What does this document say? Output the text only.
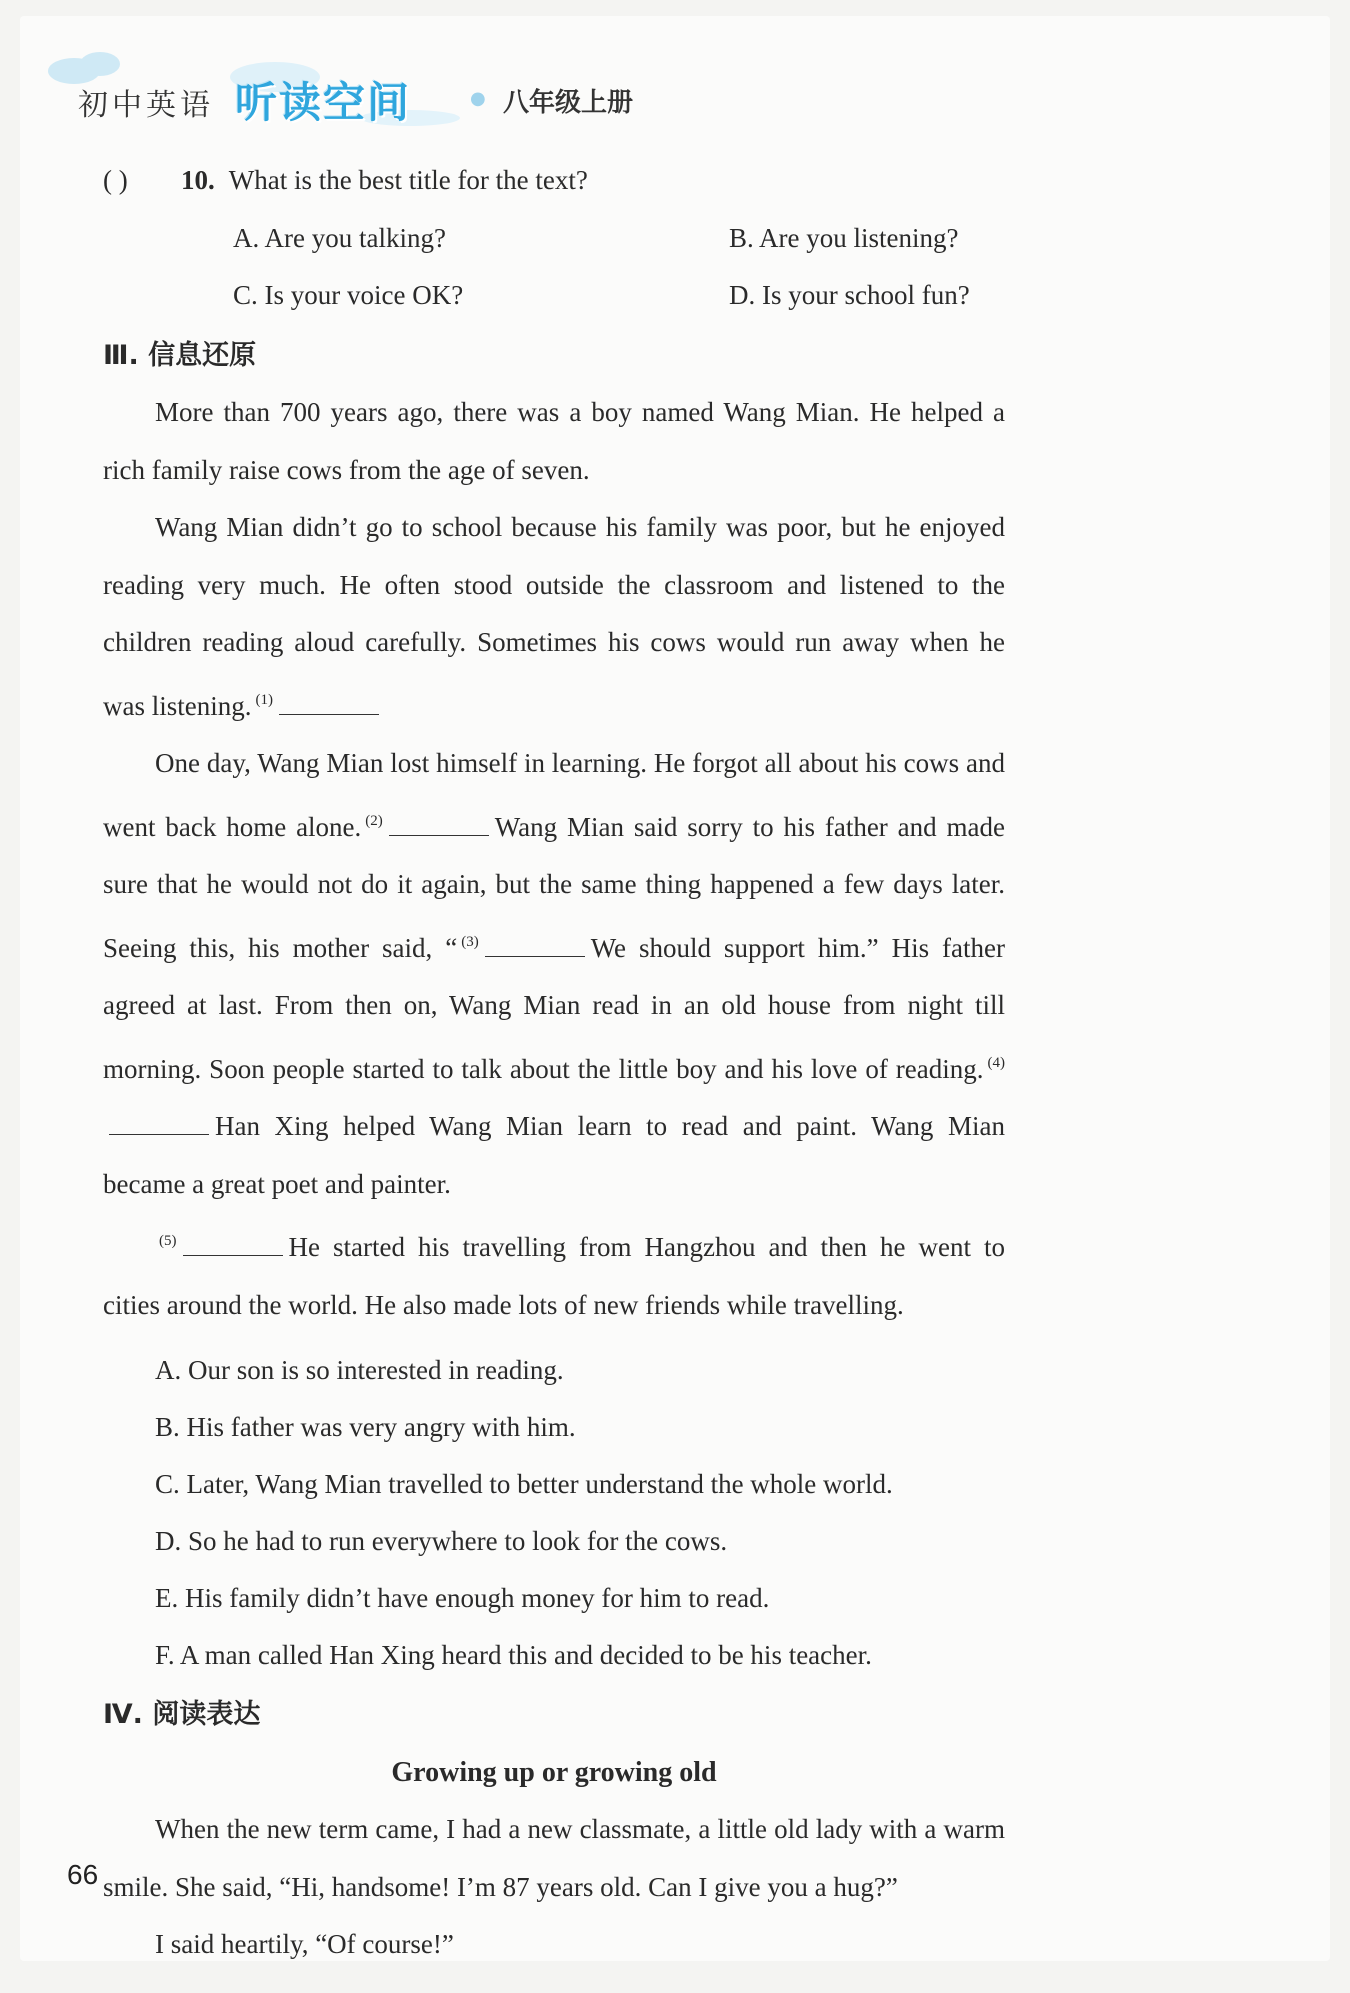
初中英语 听读空间	● 八年级上册
( )	10. What is the best title for the text?
A. Are you talking?	B. Are you listening?
C. Is your voice OK?	D. Is your school fun?
Ⅲ. 信息还原

More than 700 years ago, there was a boy named Wang Mian. He helped a rich family raise cows from the age of seven.

Wang Mian didn’t go to school because his family was poor, but he enjoyed reading very much. He often stood outside the classroom and listened to the children reading aloud carefully. Sometimes his cows would run away when he was listening. $^{(1)}$

One day, Wang Mian lost himself in learning. He forgot all about his cows and went back home alone. $^{(2)}$	Wang Mian said sorry to his father and made sure that he would not do it again, but the same thing happened a few days later. Seeing this, his mother said, “ $^{(3)}$	We should support him.” His father agreed at last. From then on, Wang Mian read in an old house from night till morning. Soon people started to talk about the little boy and his love of reading. $^{(4)}$Han Xing helped Wang Mian learn to read and paint. Wang Mian became a great poet and painter.

$^{(5)}$	He started his travelling from Hangzhou and then he went to cities around the world. He also made lots of new friends while travelling.

A. Our son is so interested in reading.
B. His father was very angry with him.
C. Later, Wang Mian travelled to better understand the whole world.
D. So he had to run everywhere to look for the cows.
E. His family didn’t have enough money for him to read.
F. A man called Han Xing heard this and decided to be his teacher.
Ⅳ. 阅读表达
Growing up or growing old

When the new term came, I had a new classmate, a little old lady with a warm smile. She said, “Hi, handsome! I’m 87 years old. Can I give you a hug?”

I said heartily, “Of course!”

66
